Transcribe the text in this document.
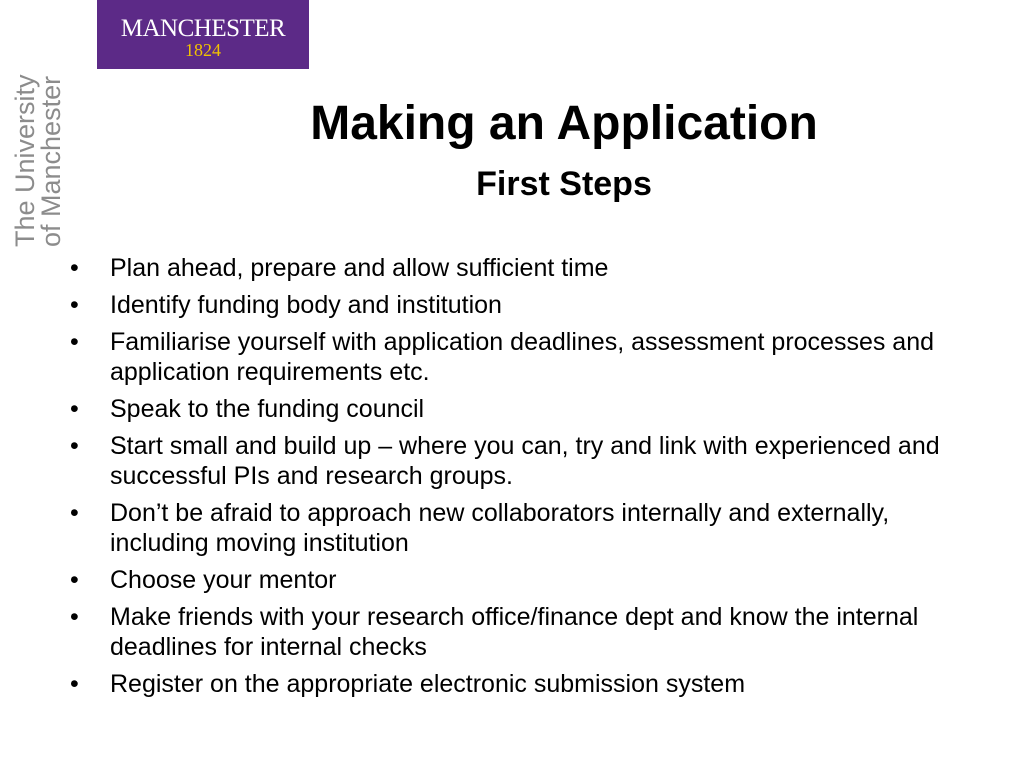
MANCHESTER
1824
The University
of Manchester	Making an Application
First Steps
• Plan ahead, prepare and allow sufficient time
• Identify funding body and institution
• Familiarise yourself with application deadlines, assessment processes and application requirements etc.
• Speak to the funding council
• Start small and build up – where you can, try and link with experienced and successful PIs and research groups.
• Don’t be afraid to approach new collaborators internally and externally, including moving institution
• Choose your mentor
• Make friends with your research office/finance dept and know the internal deadlines for internal checks
• Register on the appropriate electronic submission system
